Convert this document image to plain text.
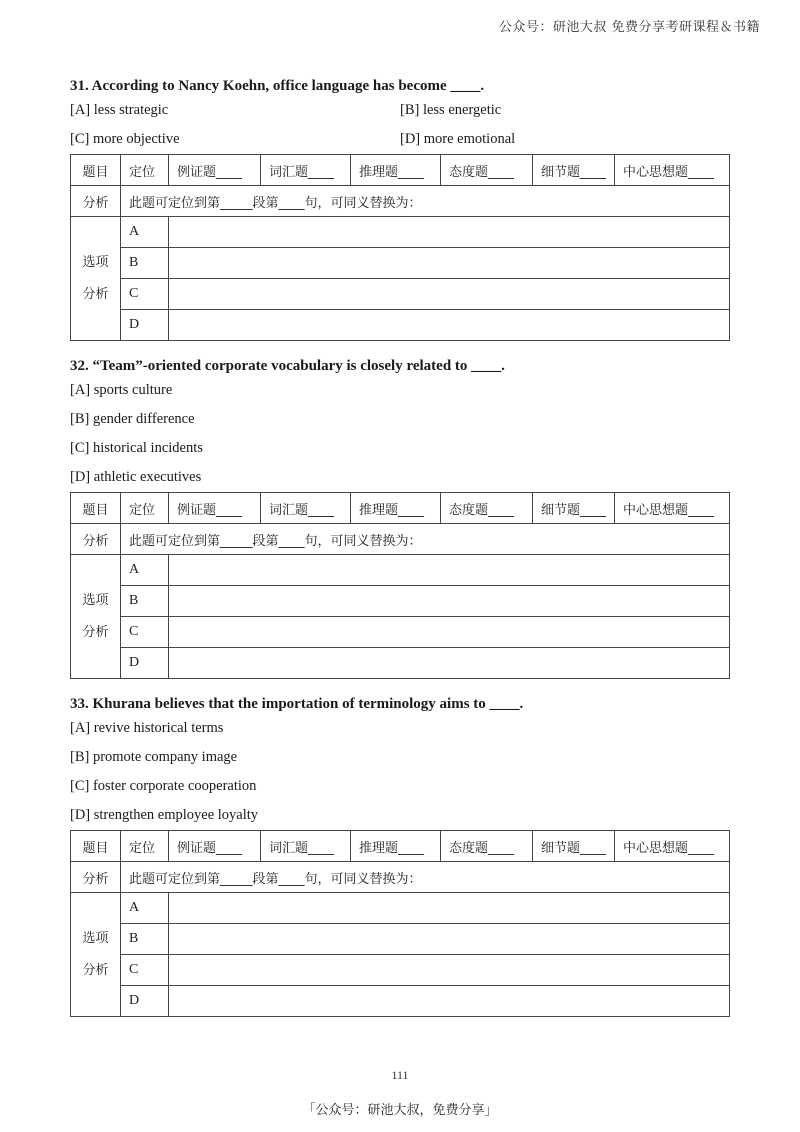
公众号：研池大叔 免费分享考研课程＆书籍
31. According to Nancy Koehn, office language has become ____.
[A] less strategic	[B] less energetic
[C] more objective	[D] more emotional
题目	定位	例证题____	词汇题____	推理题____	态度题____	细节题____	中心思想题____
分析	此题可定位到第_____段第____句，可同义替换为：						

选项
分析	A						
	B						
	C						
	D						
32. “Team”-oriented corporate vocabulary is closely related to ____.
[A] sports culture
[B] gender difference
[C] historical incidents
[D] athletic executives
题目	定位	例证题____	词汇题____	推理题____	态度题____	细节题____	中心思想题____
分析	此题可定位到第_____段第____句，可同义替换为：						

选项
分析	A						
	B						
	C						
	D						
33. Khurana believes that the importation of terminology aims to ____.
[A] revive historical terms
[B] promote company image
[C] foster corporate cooperation
[D] strengthen employee loyalty
题目	定位	例证题____	词汇题____	推理题____	态度题____	细节题____	中心思想题____
分析	此题可定位到第_____段第____句，可同义替换为：						

选项
分析	A						
	B						
	C						
	D						
111
「公众号：研池大叔，免费分享」
